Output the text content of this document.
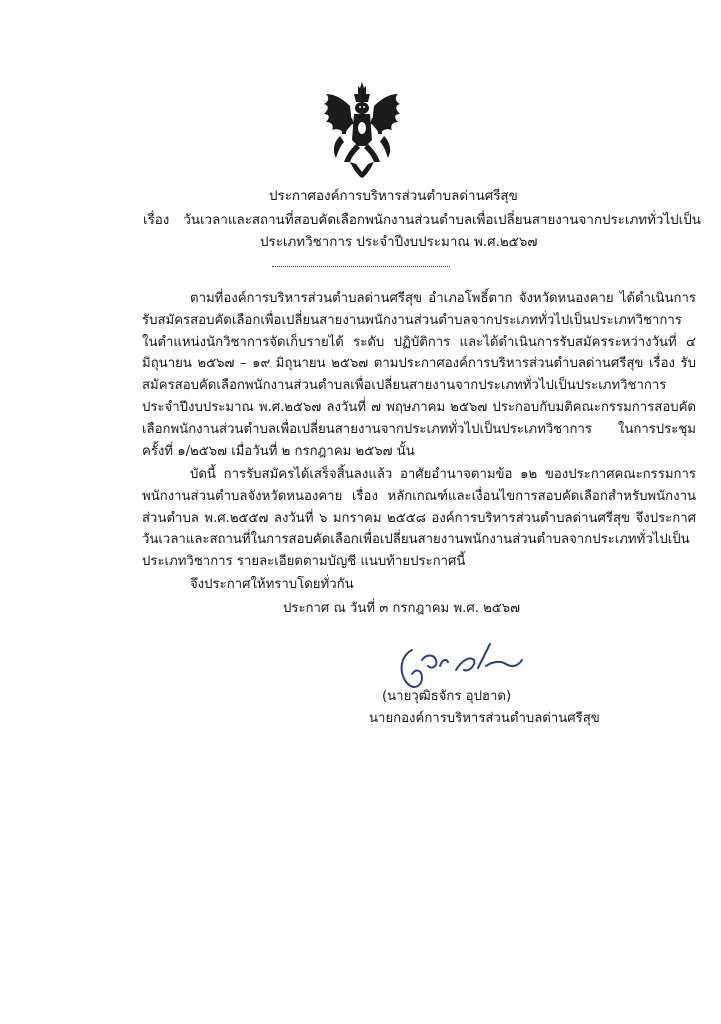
ประกาศองค์การบริหารส่วนตำบลด่านศรีสุข
เรื่อง วันเวลาและสถานที่สอบคัดเลือกพนักงานส่วนตำบลเพื่อเปลี่ยนสายงานจากประเภททั่วไปเป็น
ประเภทวิชาการ ประจำปีงบประมาณ พ.ศ.๒๕๖๗
ตามที่องค์การบริหารส่วนตำบลด่านศรีสุข อำเภอโพธิ์ตาก จังหวัดหนองคาย ได้ดำเนินการรับสมัครสอบคัดเลือกเพื่อเปลี่ยนสายงานพนักงานส่วนตำบลจากประเภททั่วไปเป็นประเภทวิชาการ ในตำแหน่งนักวิชาการจัดเก็บรายได้ ระดับ ปฏิบัติการ และได้ดำเนินการรับสมัครระหว่างวันที่ ๔ มิถุนายน ๒๕๖๗ – ๑๙ มิถุนายน ๒๕๖๗ ตามประกาศองค์การบริหารส่วนตำบลด่านศรีสุข เรื่อง รับสมัครสอบคัดเลือกพนักงานส่วนตำบลเพื่อเปลี่ยนสายงานจากประเภททั่วไปเป็นประเภทวิชาการ ประจำปีงบประมาณ พ.ศ.๒๕๖๗ ลงวันที่ ๗ พฤษภาคม ๒๕๖๗ ประกอบกับมติคณะกรรมการสอบคัดเลือกพนักงานส่วนตำบลเพื่อเปลี่ยนสายงานจากประเภททั่วไปเป็นประเภทวิชาการ ในการประชุม ครั้งที่ ๑/๒๕๖๗ เมื่อวันที่ ๒ กรกฎาคม ๒๕๖๗ นั้น
บัดนี้ การรับสมัครได้เสร็จสิ้นลงแล้ว อาศัยอำนาจตามข้อ ๑๒ ของประกาศคณะกรรมการพนักงานส่วนตำบลจังหวัดหนองคาย เรื่อง หลักเกณฑ์และเงื่อนไขการสอบคัดเลือกสำหรับพนักงานส่วนตำบล พ.ศ.๒๕๕๗ ลงวันที่ ๖ มกราคม ๒๕๕๘ องค์การบริหารส่วนตำบลด่านศรีสุข จึงประกาศวันเวลาและสถานที่ในการสอบคัดเลือกเพื่อเปลี่ยนสายงานพนักงานส่วนตำบลจากประเภททั่วไปเป็นประเภทวิชาการ รายละเอียดตามบัญชี แนบท้ายประกาศนี้
จึงประกาศให้ทราบโดยทั่วกัน
ประกาศ ณ วันที่ ๓ กรกฎาคม พ.ศ. ๒๕๖๗
(นายวุฒิธจักร อุปฮาด)
นายกองค์การบริหารส่วนตำบลด่านศรีสุข
